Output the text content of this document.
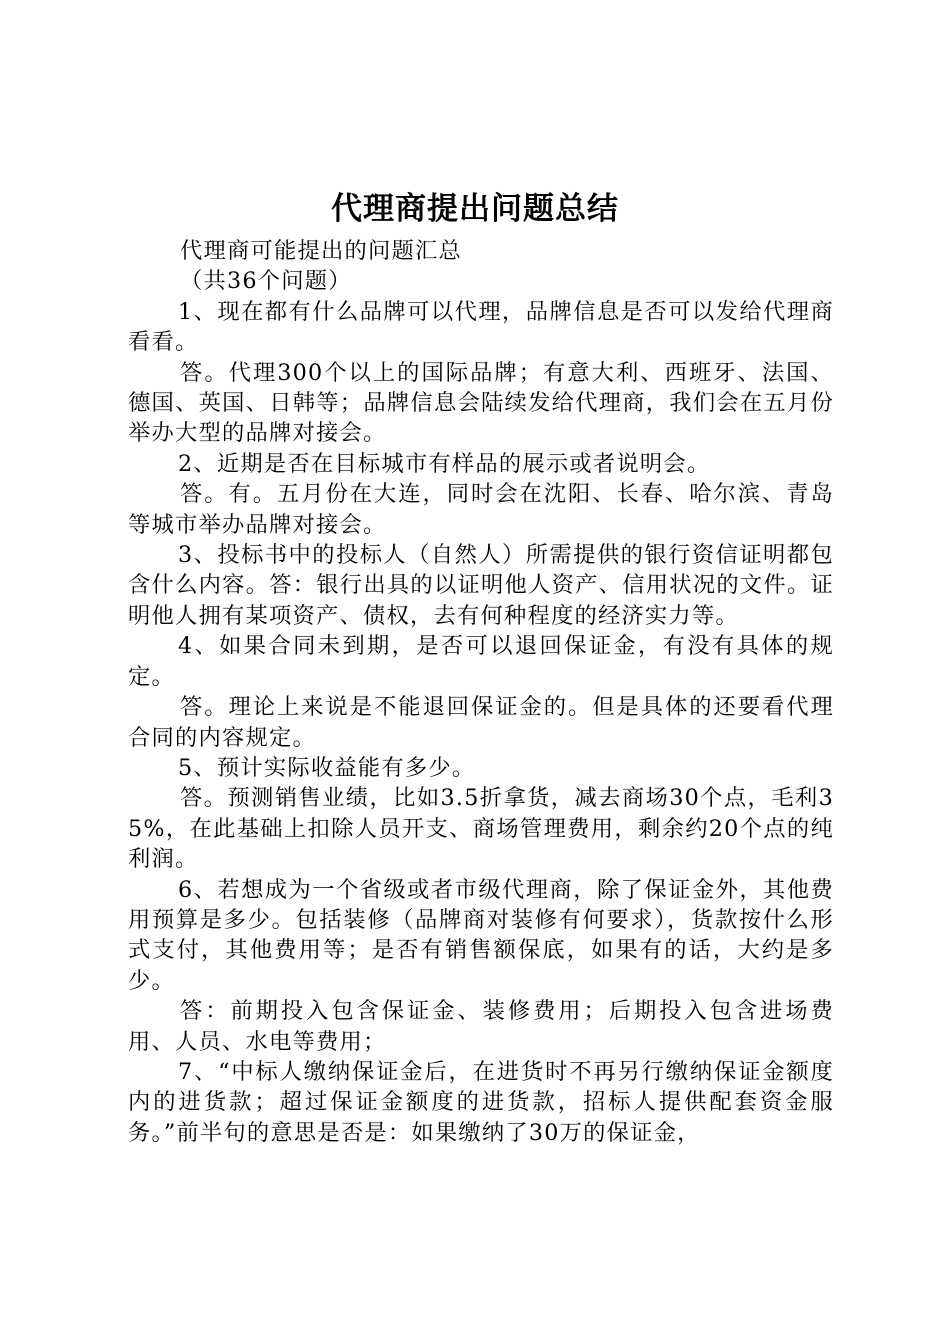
代理商提出问题总结

代理商可能提出的问题汇总

（共36个问题）

1、现在都有什么品牌可以代理，品牌信息是否可以发给代理商看看。

答。代理300个以上的国际品牌；有意大利、西班牙、法国、德国、英国、日韩等；品牌信息会陆续发给代理商，我们会在五月份举办大型的品牌对接会。

2、近期是否在目标城市有样品的展示或者说明会。

答。有。五月份在大连，同时会在沈阳、长春、哈尔滨、青岛等城市举办品牌对接会。

3、投标书中的投标人（自然人）所需提供的银行资信证明都包含什么内容。答：银行出具的以证明他人资产、信用状况的文件。证明他人拥有某项资产、债权，去有何种程度的经济实力等。

4、如果合同未到期，是否可以退回保证金，有没有具体的规定。

答。理论上来说是不能退回保证金的。但是具体的还要看代理合同的内容规定。

5、预计实际收益能有多少。

答。预测销售业绩，比如3.5折拿货，减去商场30个点，毛利35%，在此基础上扣除人员开支、商场管理费用，剩余约20个点的纯利润。

6、若想成为一个省级或者市级代理商，除了保证金外，其他费用预算是多少。包括装修（品牌商对装修有何要求），货款按什么形式支付，其他费用等；是否有销售额保底，如果有的话，大约是多少。

答：前期投入包含保证金、装修费用；后期投入包含进场费用、人员、水电等费用；

7、“中标人缴纳保证金后，在进货时不再另行缴纳保证金额度内的进货款；超过保证金额度的进货款，招标人提供配套资金服务。”前半句的意思是否是：如果缴纳了30万的保证金，
